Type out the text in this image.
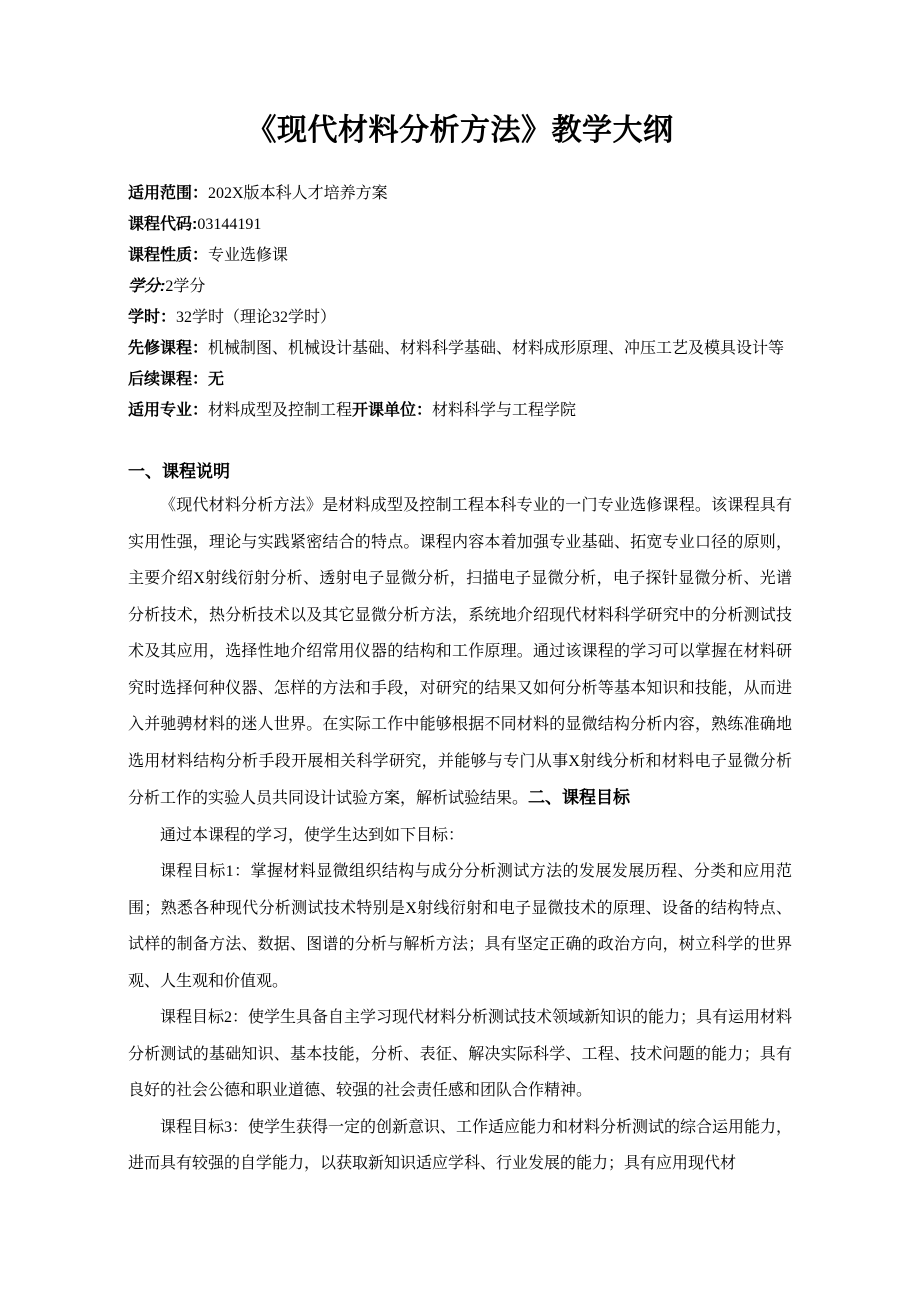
《现代材料分析方法》教学大纲
适用范围：202X版本科人才培养方案
课程代码:03144191
课程性质：专业选修课
学分:2学分
学时：32学时（理论32学时）
先修课程：机械制图、机械设计基础、材料科学基础、材料成形原理、冲压工艺及模具设计等
后续课程：无
适用专业：材料成型及控制工程开课单位：材料科学与工程学院
一、课程说明

《现代材料分析方法》是材料成型及控制工程本科专业的一门专业选修课程。该课程具有实用性强，理论与实践紧密结合的特点。课程内容本着加强专业基础、拓宽专业口径的原则，主要介绍X射线衍射分析、透射电子显微分析，扫描电子显微分析，电子探针显微分析、光谱分析技术，热分析技术以及其它显微分析方法，系统地介绍现代材料科学研究中的分析测试技术及其应用，选择性地介绍常用仪器的结构和工作原理。通过该课程的学习可以掌握在材料研究时选择何种仪器、怎样的方法和手段，对研究的结果又如何分析等基本知识和技能，从而进入并驰骋材料的迷人世界。在实际工作中能够根据不同材料的显微结构分析内容，熟练准确地选用材料结构分析手段开展相关科学研究，并能够与专门从事X射线分析和材料电子显微分析分析工作的实验人员共同设计试验方案，解析试验结果。二、课程目标

通过本课程的学习，使学生达到如下目标：

课程目标1：掌握材料显微组织结构与成分分析测试方法的发展发展历程、分类和应用范围；熟悉各种现代分析测试技术特别是X射线衍射和电子显微技术的原理、设备的结构特点、试样的制备方法、数据、图谱的分析与解析方法；具有坚定正确的政治方向，树立科学的世界观、人生观和价值观。

课程目标2：使学生具备自主学习现代材料分析测试技术领域新知识的能力；具有运用材料分析测试的基础知识、基本技能，分析、表征、解决实际科学、工程、技术问题的能力；具有良好的社会公德和职业道德、较强的社会责任感和团队合作精神。

课程目标3：使学生获得一定的创新意识、工作适应能力和材料分析测试的综合运用能力，进而具有较强的自学能力，以获取新知识适应学科、行业发展的能力；具有应用现代材
